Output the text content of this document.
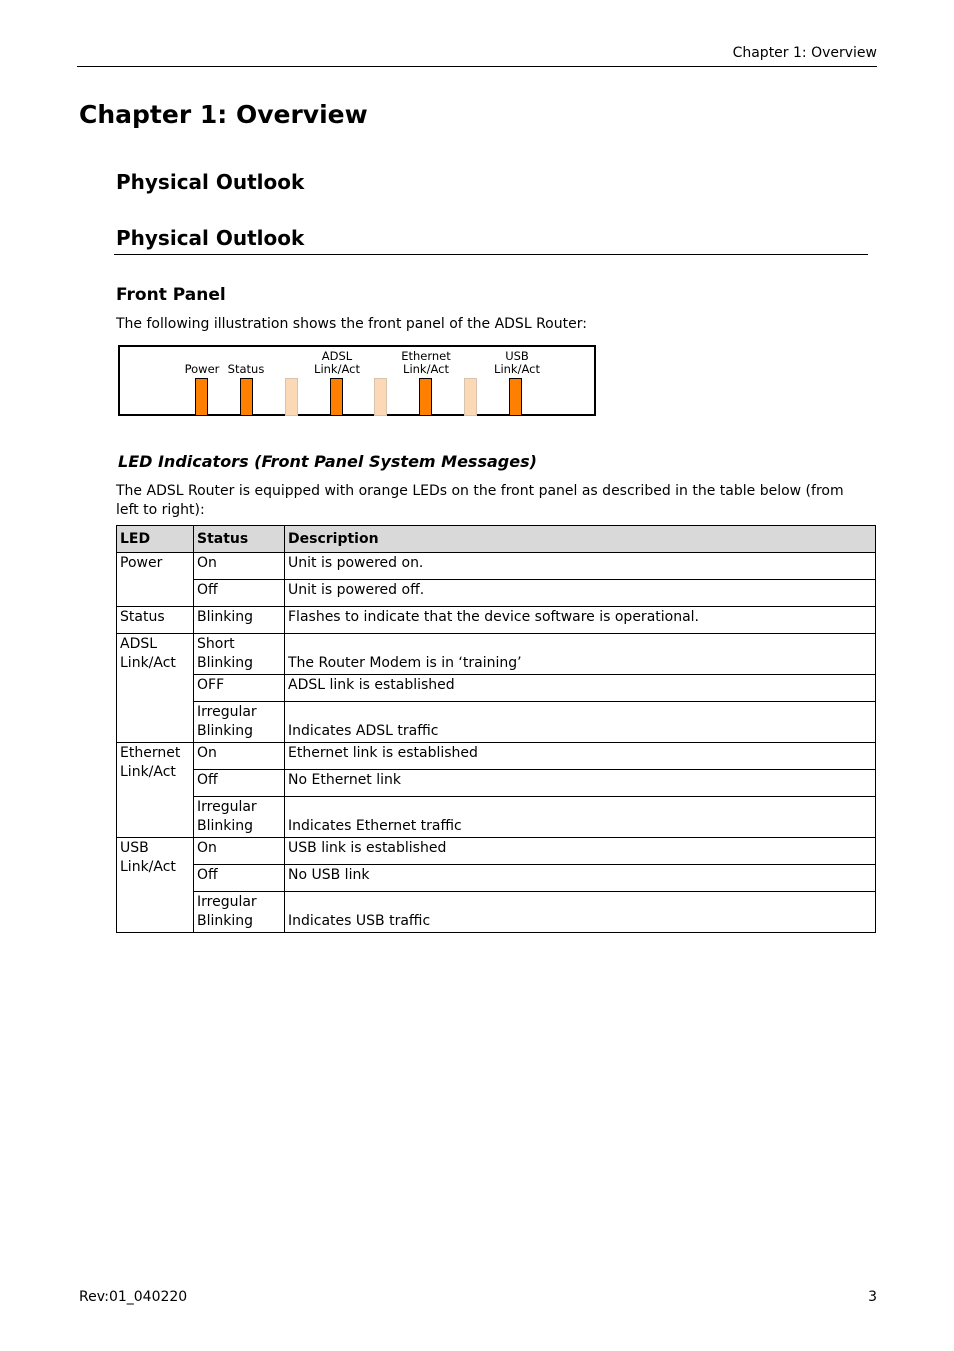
Chapter 1: Overview
Chapter 1: Overview
Physical Outlook
Physical Outlook
Front Panel
The following illustration shows the front panel of the ADSL Router:
Power Status
ADSL
Link/Act
Ethernet
Link/Act
USB
Link/Act
LED Indicators (Front Panel System Messages)
The ADSL Router is equipped with orange LEDs on the front panel as described in the table below (from left to right):
LED	Status	Description
Power	On	Unit is powered on.
	Off	Unit is powered off.
Status	Blinking	Flashes to indicate that the device software is operational.
ADSL Link/Act	Short Blinking	The Router Modem is in ‘training’
	OFF	ADSL link is established
	Irregular Blinking	Indicates ADSL traffic
Ethernet Link/Act	On	Ethernet link is established
	Off	No Ethernet link
	Irregular Blinking	Indicates Ethernet traffic
USB Link/Act	On	USB link is established
	Off	No USB link
	Irregular Blinking	Indicates USB traffic
Rev:01_040220	3
